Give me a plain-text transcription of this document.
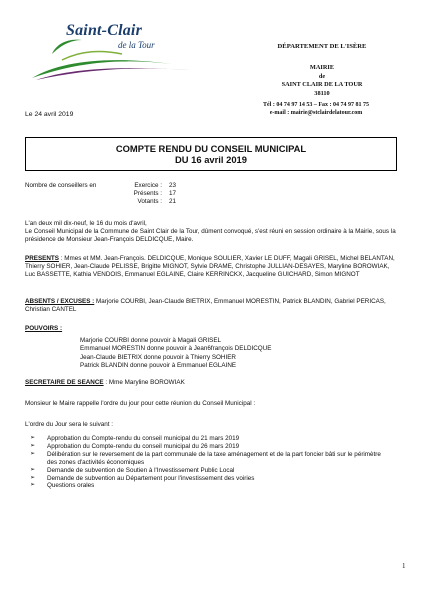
Saint-Clair
de la Tour	DÉPARTEMENT DE L'ISÈRE
MAIRIE
de
SAINT CLAIR DE LA TOUR
38110
Tél : 04 74 97 14 53 – Fax : 04 74 97 81 75
e-mail : mairie@stclairdelatour.com
Le 24 avril 2019
COMPTE RENDU DU CONSEIL MUNICIPAL
DU 16 avril 2019
Nombre de conseillers en	Exercice :	23
	Présents :	17
	Votants :	21
L'an deux mil dix-neuf, le 16 du mois d'avril,
Le Conseil Municipal de la Commune de Saint Clair de la Tour, dûment convoqué, s'est réuni en session ordinaire à la Mairie, sous la présidence de Monsieur Jean-François DELDICQUE, Maire.
PRESENTS : Mmes et MM. Jean-François. DELDICQUE, Monique SOULIER, Xavier LE DUFF, Magali GRISEL, Michel BELANTAN, Thierry SOHIER, Jean-Claude PELISSE, Brigitte MIGNOT, Sylvie DRAME, Christophe JULLIAN-DESAYES, Maryline BOROWIAK, Luc BASSETTE, Kathia VENDOIS, Emmanuel EGLAINE, Claire KERRINCKX, Jacqueline GUICHARD, Simon MIGNOT
ABSENTS / EXCUSES : Marjorie COURBI, Jean-Claude BIETRIX, Emmanuel MORESTIN, Patrick BLANDIN, Gabriel PERICAS, Christian CANTEL
POUVOIRS :
Marjorie COURBI donne pouvoir à Magali GRISEL
Emmanuel MORESTIN donne pouvoir à Jean6françois DELDICQUE
Jean-Claude BIETRIX donne pouvoir à Thierry SOHIER
Patrick BLANDIN donne pouvoir à Emmanuel EGLAINE
SECRETAIRE DE SEANCE : Mme Maryline BOROWIAK
Monsieur le Maire rappelle l'ordre du jour pour cette réunion du Conseil Municipal :
L'ordre du Jour sera le suivant :
➢ Approbation du Compte-rendu du conseil municipal du 21 mars 2019
➢ Approbation du Compte-rendu du conseil municipal du 26 mars 2019
➢ Délibération sur le reversement de la part communale de la taxe aménagement et de la part foncier bâti sur le périmètre des zones d'activités économiques
➢ Demande de subvention de Soutien à l'Investissement Public Local
➢ Demande de subvention au Département pour l'investissement des voiries
➢ Questions orales
1
